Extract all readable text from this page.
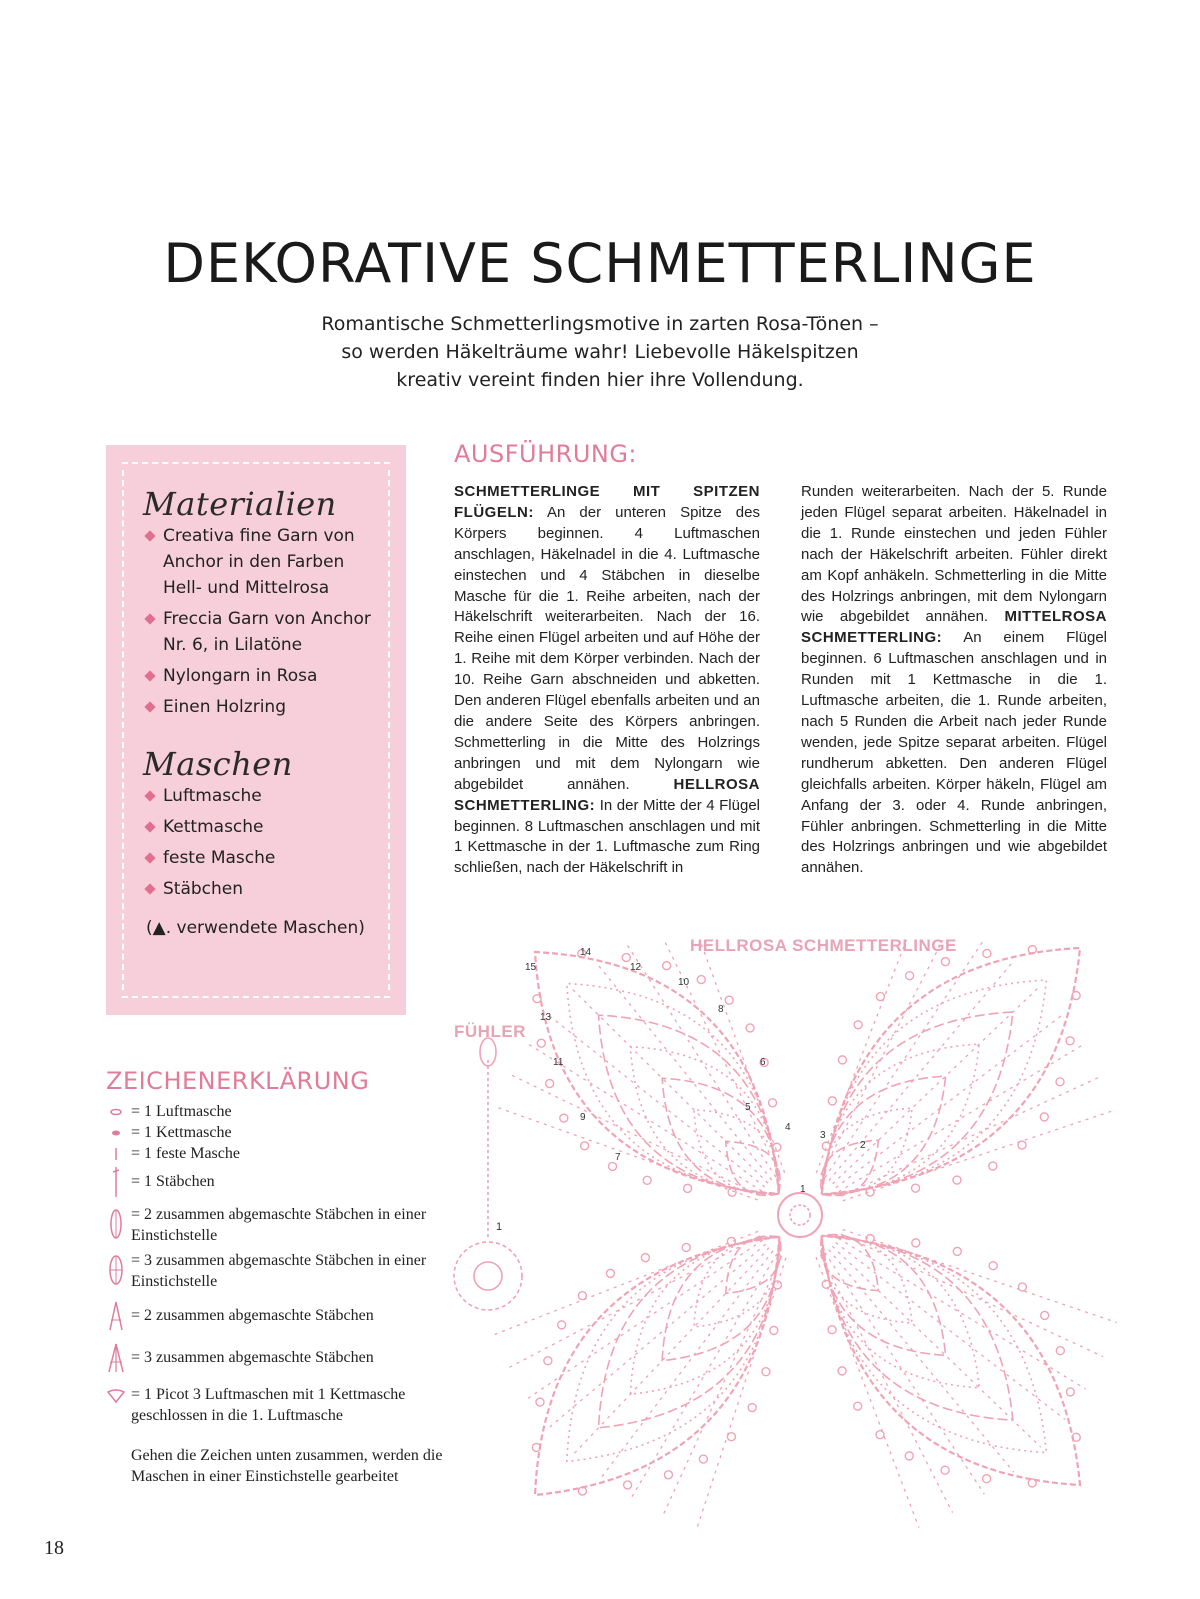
DEKORATIVE SCHMETTERLINGE

Romantische Schmetterlingsmotive in zarten Rosa-Tönen –
so werden Häkelträume wahr! Liebevolle Häkelspitzen
kreativ vereint finden hier ihre Vollendung.

Materialien
Creativa fine Garn von Anchor in den Farben Hell- und Mittelrosa
Freccia Garn von Anchor Nr. 6, in Lilatöne
Nylongarn in Rosa
Einen Holzring
Maschen
Luftmasche
Kettmasche
feste Masche
Stäbchen
(▲. verwendete Maschen)
ZEICHENERKLÄRUNG
= 1 Luftmasche
= 1 Kettmasche
= 1 feste Masche
= 1 Stäbchen
= 2 zusammen abgemaschte Stäbchen in einer Einstichstelle
= 3 zusammen abgemaschte Stäbchen in einer Einstichstelle
= 2 zusammen abgemaschte Stäbchen
= 3 zusammen abgemaschte Stäbchen
= 1 Picot 3 Luftmaschen mit 1 Kettmasche geschlossen in die 1. Luftmasche
Gehen die Zeichen unten zusammen, werden die Maschen in einer Einstichstelle gearbeitet
18
AUSFÜHRUNG:
SCHMETTERLINGE MIT SPITZEN FLÜGELN: An der unteren Spitze des Körpers beginnen. 4 Luftmaschen anschlagen, Häkelnadel in die 4. Luftmasche einstechen und 4 Stäbchen in dieselbe Masche für die 1. Reihe arbeiten, nach der Häkelschrift weiterarbeiten. Nach der 16. Reihe einen Flügel arbeiten und auf Höhe der 1. Reihe mit dem Körper verbinden. Nach der 10. Reihe Garn abschneiden und abketten. Den anderen Flügel ebenfalls arbeiten und an die andere Seite des Körpers anbringen. Schmetterling in die Mitte des Holzrings anbringen und mit dem Nylongarn wie abgebildet annähen. HELLROSA SCHMETTERLING: In der Mitte der 4 Flügel beginnen. 8 Luftmaschen anschlagen und mit 1 Kettmasche in der 1. Luftmasche zum Ring schließen, nach der Häkelschrift in
Runden weiterarbeiten. Nach der 5. Runde jeden Flügel separat arbeiten. Häkelnadel in die 1. Runde einstechen und jeden Fühler nach der Häkelschrift arbeiten. Fühler direkt am Kopf anhäkeln. Schmetterling in die Mitte des Holzrings anbringen, mit dem Nylongarn wie abgebildet annähen. MITTELROSA SCHMETTERLING: An einem Flügel beginnen. 6 Luftmaschen anschlagen und in Runden mit 1 Kettmasche in die 1. Luftmasche arbeiten, die 1. Runde arbeiten, nach 5 Runden die Arbeit nach jeder Runde wenden, jede Spitze separat arbeiten. Flügel rundherum abketten. Den anderen Flügel gleichfalls arbeiten. Körper häkeln, Flügel am Anfang der 3. oder 4. Runde anbringen, Fühler anbringen. Schmetterling in die Mitte des Holzrings anbringen und wie abgebildet annähen.
HELLROSA SCHMETTERLINGE
FÜHLER
1
15
14
13
12
11
10
8
6
4
3
2
1
7
9
5
